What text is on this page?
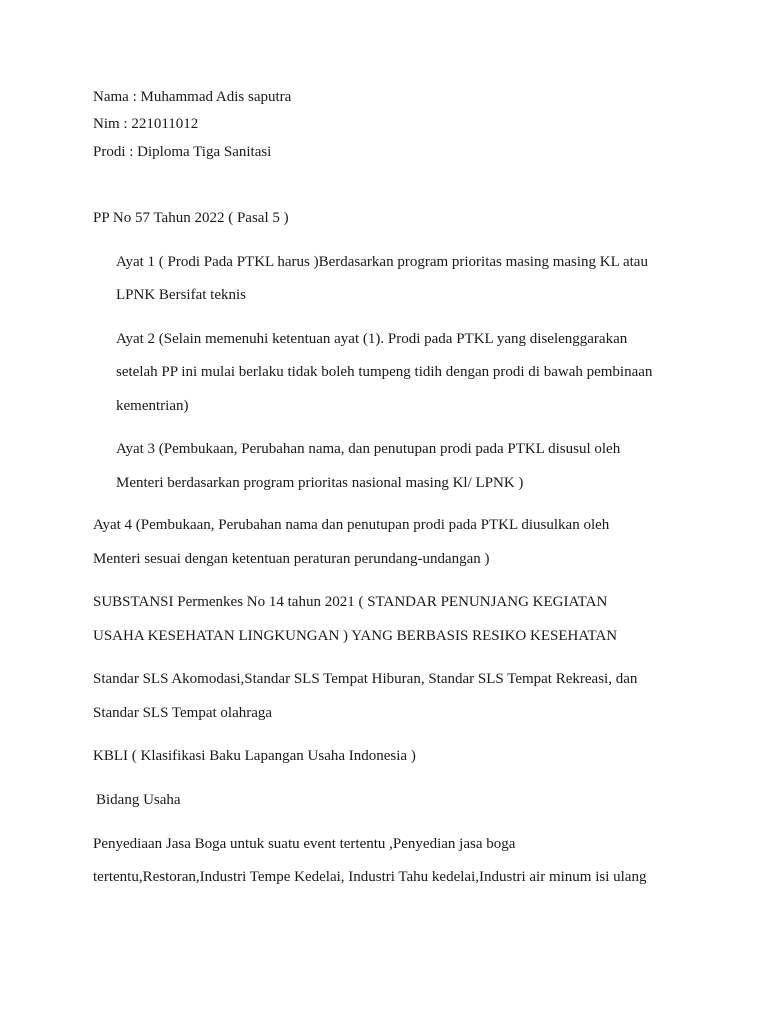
Nama : Muhammad Adis saputra
Nim : 221011012
Prodi : Diploma Tiga Sanitasi
PP No 57 Tahun 2022 ( Pasal 5 )
Ayat 1 ( Prodi Pada PTKL harus )Berdasarkan program prioritas masing masing KL atau
LPNK Bersifat teknis
Ayat 2 (Selain memenuhi ketentuan ayat (1). Prodi pada PTKL yang diselenggarakan
setelah PP ini mulai berlaku tidak boleh tumpeng tidih dengan prodi di bawah pembinaan
kementrian)
Ayat 3 (Pembukaan, Perubahan nama, dan penutupan prodi pada PTKL disusul oleh
Menteri berdasarkan program prioritas nasional masing Kl/ LPNK )
Ayat 4 (Pembukaan, Perubahan nama dan penutupan prodi pada PTKL diusulkan oleh
Menteri sesuai dengan ketentuan peraturan perundang-undangan )
SUBSTANSI Permenkes No 14 tahun 2021 ( STANDAR PENUNJANG KEGIATAN
USAHA KESEHATAN LINGKUNGAN ) YANG BERBASIS RESIKO KESEHATAN
Standar SLS Akomodasi,Standar SLS Tempat Hiburan, Standar SLS Tempat Rekreasi, dan
Standar SLS Tempat olahraga
KBLI ( Klasifikasi Baku Lapangan Usaha Indonesia )
Bidang Usaha
Penyediaan Jasa Boga untuk suatu event tertentu ,Penyedian jasa boga
tertentu,Restoran,Industri Tempe Kedelai, Industri Tahu kedelai,Industri air minum isi ulang
